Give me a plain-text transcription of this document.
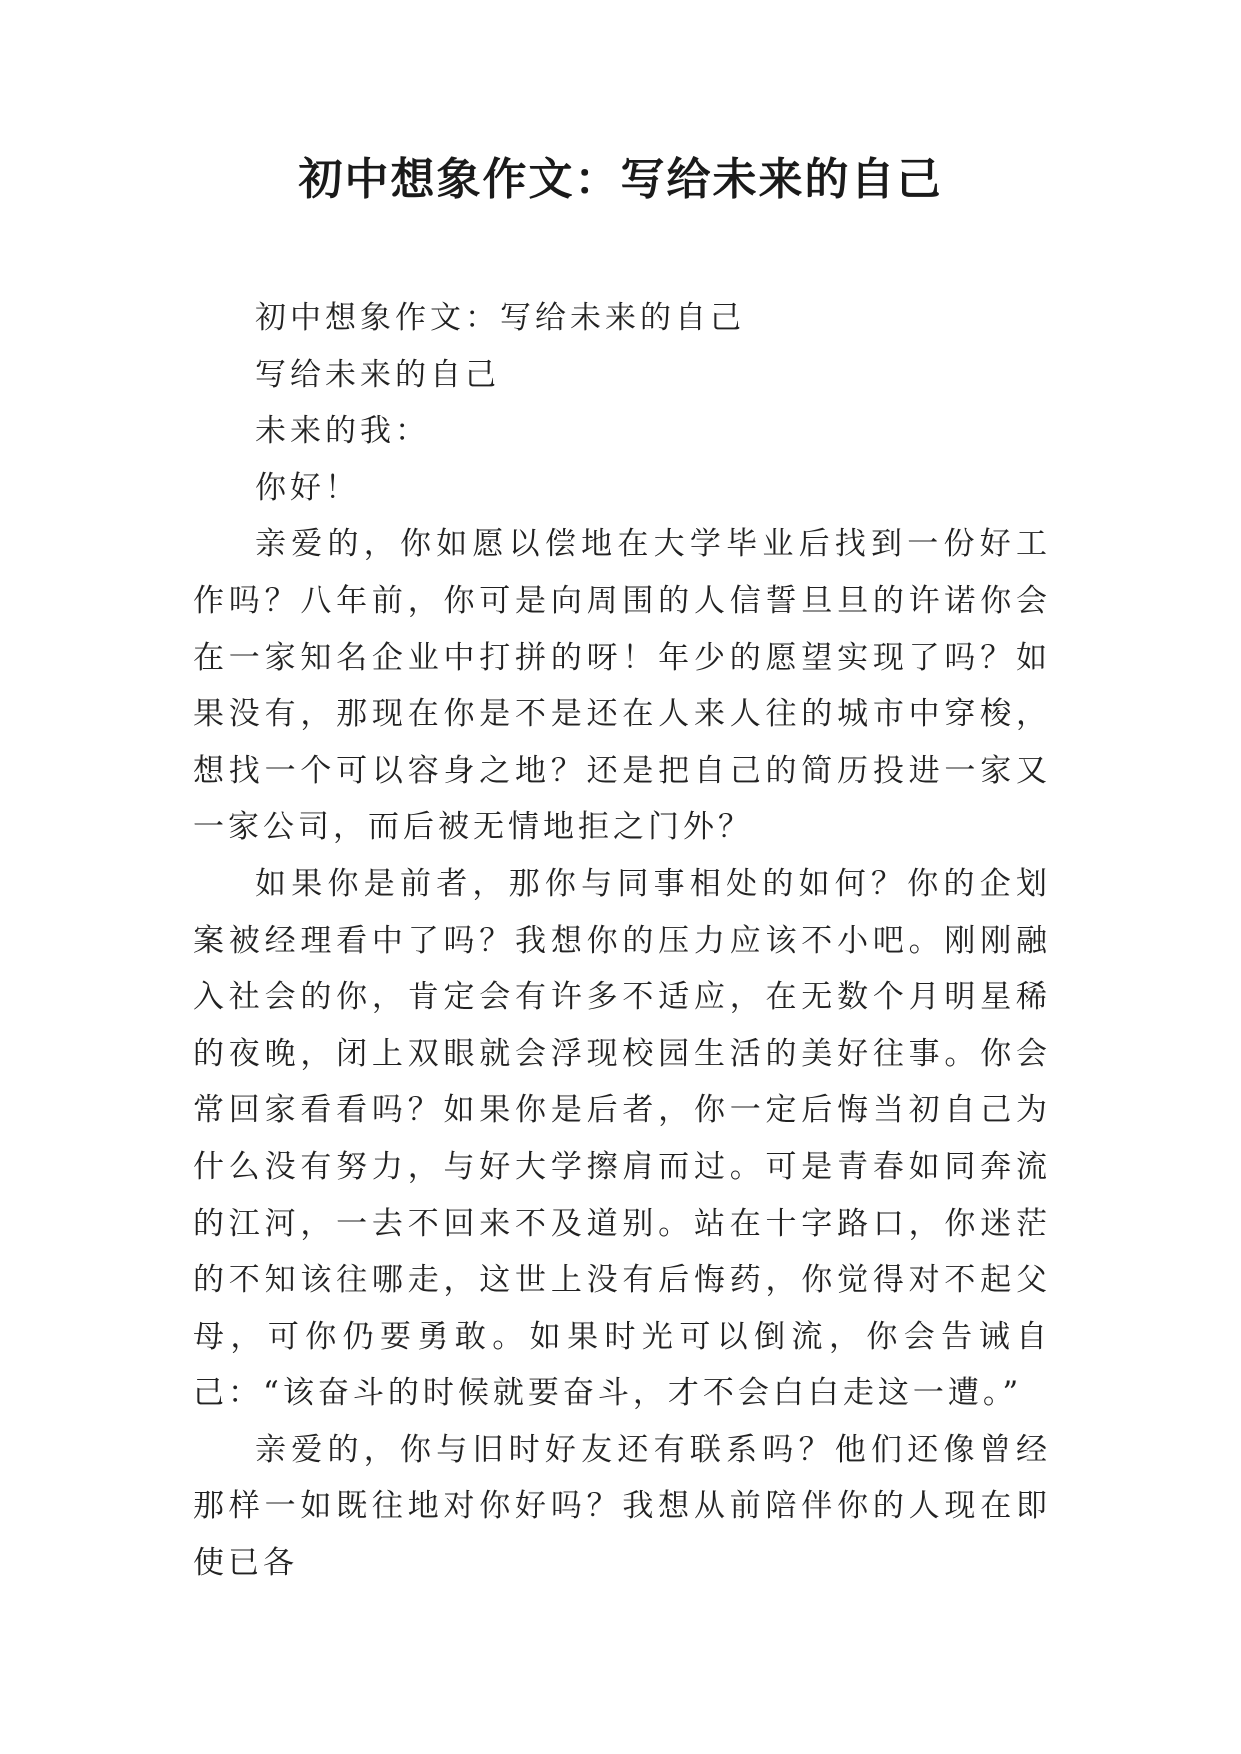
初中想象作文：写给未来的自己

初中想象作文：写给未来的自己

写给未来的自己

未来的我：

你好！

亲爱的，你如愿以偿地在大学毕业后找到一份好工作吗？八年前，你可是向周围的人信誓旦旦的许诺你会在一家知名企业中打拼的呀！年少的愿望实现了吗？如果没有，那现在你是不是还在人来人往的城市中穿梭，想找一个可以容身之地？还是把自己的简历投进一家又一家公司，而后被无情地拒之门外？

如果你是前者，那你与同事相处的如何？你的企划案被经理看中了吗？我想你的压力应该不小吧。刚刚融入社会的你，肯定会有许多不适应，在无数个月明星稀的夜晚，闭上双眼就会浮现校园生活的美好往事。你会常回家看看吗？如果你是后者，你一定后悔当初自己为什么没有努力，与好大学擦肩而过。可是青春如同奔流的江河，一去不回来不及道别。站在十字路口，你迷茫的不知该往哪走，这世上没有后悔药，你觉得对不起父母，可你仍要勇敢。如果时光可以倒流，你会告诫自己：“该奋斗的时候就要奋斗，才不会白白走这一遭。”

亲爱的，你与旧时好友还有联系吗？他们还像曾经那样一如既往地对你好吗？我想从前陪伴你的人现在即使已各
